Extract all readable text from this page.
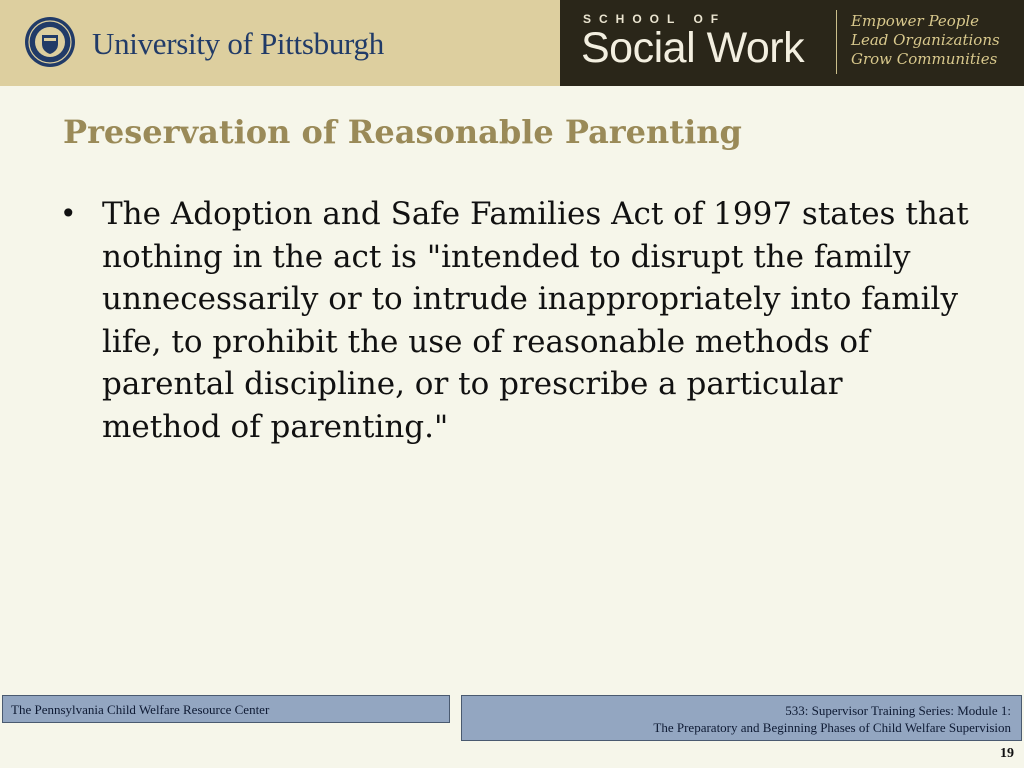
University of Pittsburgh
SCHOOL OF
Social Work
Empower People
Lead Organizations
Grow Communities
Preservation of Reasonable Parenting
• The Adoption and Safe Families Act of 1997 states that nothing in the act is "intended to disrupt the family unnecessarily or to intrude inappropriately into family life, to prohibit the use of reasonable methods of parental discipline, or to prescribe a particular method of parenting."
The Pennsylvania Child Welfare Resource Center	533: Supervisor Training Series: Module 1:
The Preparatory and Beginning Phases of Child Welfare Supervision
19
